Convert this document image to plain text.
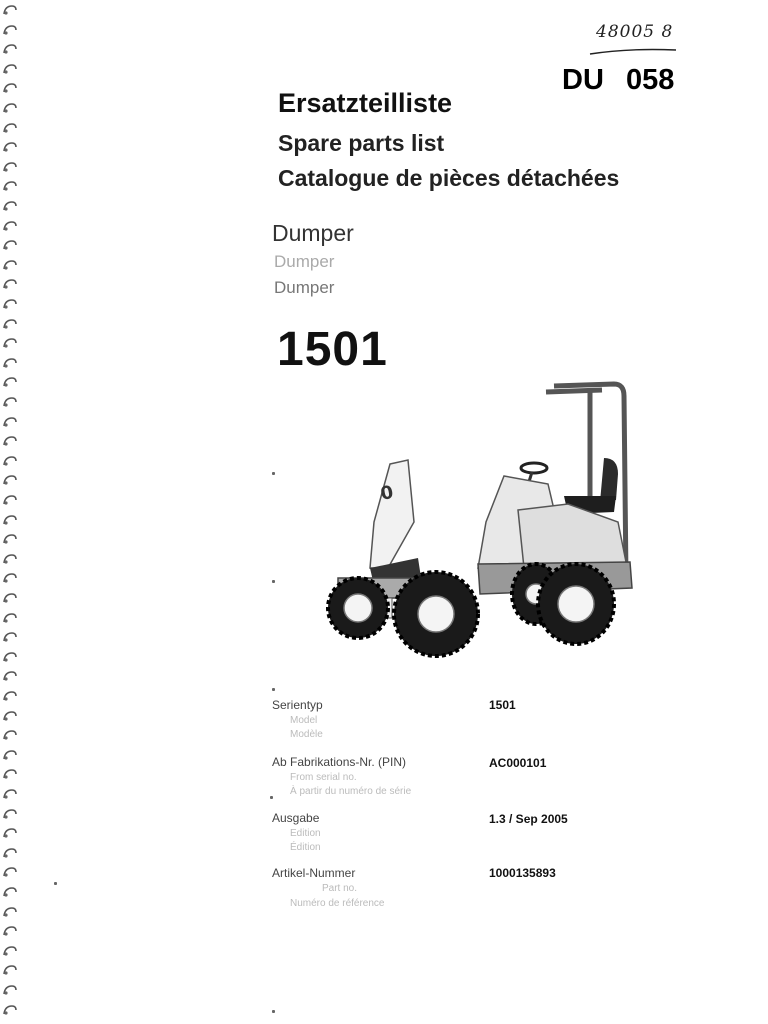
48005 8
DU 058
Ersatzteilliste
Spare parts list
Catalogue de pièces détachées
Dumper
Dumper
Dumper
1501
0
Serientyp
Model
Modèle
1501
Ab Fabrikations-Nr. (PIN)
From serial no.
À partir du numéro de série
AC000101
Ausgabe
Edition
Édition
1.3 / Sep 2005
Artikel-Nummer
Part no.
Numéro de référence
1000135893
